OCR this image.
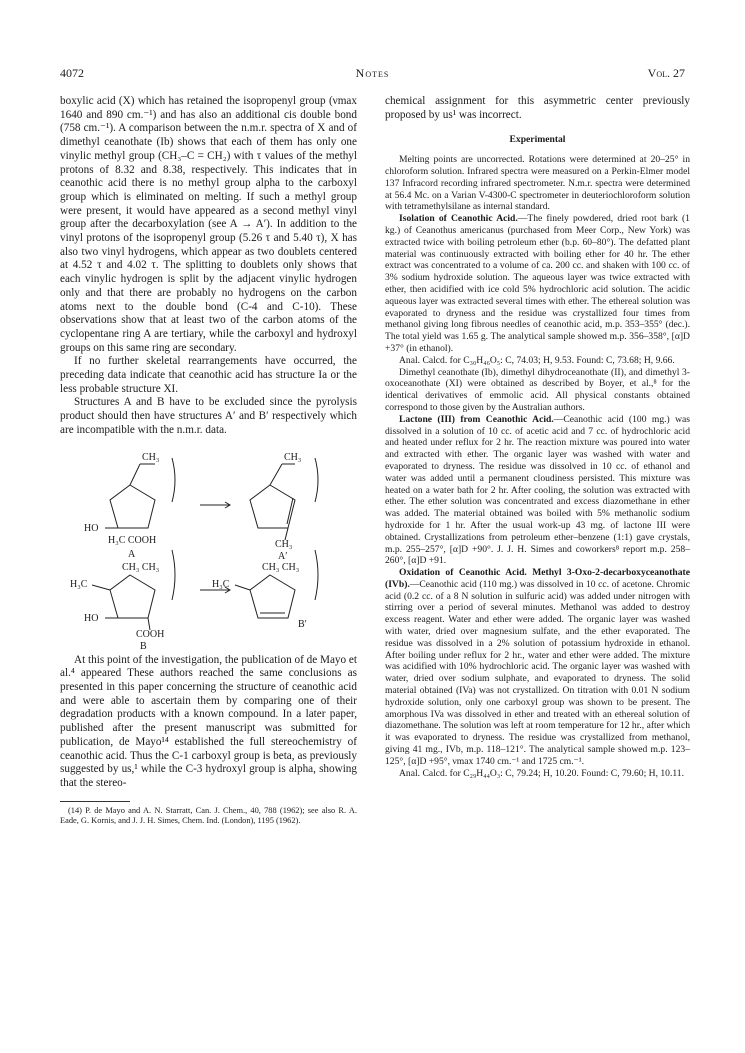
4072	Notes	Vol. 27

boxylic acid (X) which has retained the isopropenyl group (νmax 1640 and 890 cm.⁻¹) and has also an additional cis double bond (758 cm.⁻¹). A comparison between the n.m.r. spectra of X and of dimethyl ceanothate (Ib) shows that each of them has only one vinylic methyl group (CH₃–C = CH₂) with τ values of the methyl protons of 8.32 and 8.38, respectively. This indicates that in ceanothic acid there is no methyl group alpha to the carboxyl group which is eliminated on melting. If such a methyl group were present, it would have appeared as a second methyl vinyl group after the decarboxylation (see A → A′). In addition to the vinyl protons of the isopropenyl group (5.26 τ and 5.40 τ), X has also two vinyl hydrogens, which appear as two doublets centered at 4.52 τ and 4.02 τ. The splitting to doublets only shows that each vinylic hydrogen is split by the adjacent vinylic hydrogen only and that there are probably no hydrogens on the carbon atoms next to the double bond (C-4 and C-10). These observations show that at least two of the carbon atoms of the cyclopentane ring A are tertiary, while the carboxyl and hydroxyl groups on this same ring are secondary.

If no further skeletal rearrangements have occurred, the preceding data indicate that ceanothic acid has structure Ia or the less probable structure XI.

Structures A and B have to be excluded since the pyrolysis product should then have structures A′ and B′ respectively which are incompatible with the n.m.r. data.

CH₃
HO
H₃C COOH
A
CH₃
CH₃
A′
H₃C
CH₃ CH₃
HO
COOH
B
H₃C
CH₃ CH₃
B′

At this point of the investigation, the publication of de Mayo et al.⁴ appeared These authors reached the same conclusions as presented in this paper concerning the structure of ceanothic acid and were able to ascertain them by comparing one of their degradation products with a known compound. In a later paper, published after the present manuscript was submitted for publication, de Mayo¹⁴ established the full stereochemistry of ceanothic acid. Thus the C-1 carboxyl group is beta, as previously suggested by us,¹ while the C-3 hydroxyl group is alpha, showing that the stereo-

(14) P. de Mayo and A. N. Starratt, Can. J. Chem., 40, 788 (1962); see also R. A. Eade, G. Kornis, and J. J. H. Simes, Chem. Ind. (London), 1195 (1962).

chemical assignment for this asymmetric center previously proposed by us¹ was incorrect.

Experimental

Melting points are uncorrected. Rotations were determined at 20–25° in chloroform solution. Infrared spectra were measured on a Perkin-Elmer model 137 Infracord recording infrared spectrometer. N.m.r. spectra were determined at 56.4 Mc. on a Varian V-4300-C spectrometer in deuteriochloroform solution with tetramethylsilane as internal standard.

Isolation of Ceanothic Acid.—The finely powdered, dried root bark (1 kg.) of Ceanothus americanus (purchased from Meer Corp., New York) was extracted twice with boiling petroleum ether (b.p. 60–80°). The defatted plant material was continuously extracted with boiling ether for 40 hr. The ether extract was concentrated to a volume of ca. 200 cc. and shaken with 100 cc. of 3% sodium hydroxide solution. The aqueous layer was twice extracted with ether, then acidified with ice cold 5% hydrochloric acid solution. The acidic aqueous layer was extracted several times with ether. The ethereal solution was evaporated to dryness and the residue was crystallized four times from methanol giving long fibrous needles of ceanothic acid, m.p. 353–355° (dec.). The total yield was 1.65 g. The analytical sample showed m.p. 356–358°, [α]D +37° (in ethanol).

Anal. Calcd. for C₃₀H₄₆O₅: C, 74.03; H, 9.53. Found: C, 73.68; H, 9.66.

Dimethyl ceanothate (Ib), dimethyl dihydroceanothate (II), and dimethyl 3-oxoceanothate (XI) were obtained as described by Boyer, et al.,⁸ for the identical derivatives of emmolic acid. All physical constants obtained correspond to those given by the Australian authors.

Lactone (III) from Ceanothic Acid.—Ceanothic acid (100 mg.) was dissolved in a solution of 10 cc. of acetic acid and 7 cc. of hydrochloric acid and heated under reflux for 2 hr. The reaction mixture was poured into water and extracted with ether. The organic layer was washed with water and evaporated to dryness. The residue was dissolved in 10 cc. of ethanol and water was added until a permanent cloudiness persisted. This mixture was heated on a water bath for 2 hr. After cooling, the solution was extracted with ether. The ether solution was concentrated and excess diazomethane in ether was added. The material obtained was boiled with 5% methanolic sodium hydroxide for 1 hr. After the usual work-up 43 mg. of lactone III were obtained. Crystallizations from petroleum ether–benzene (1:1) gave crystals, m.p. 255–257°, [α]D +90°. J. J. H. Simes and coworkers⁸ report m.p. 258–260°, [α]D +91.

Oxidation of Ceanothic Acid. Methyl 3-Oxo-2-decarboxyceanothate (IVb).—Ceanothic acid (110 mg.) was dissolved in 10 cc. of acetone. Chromic acid (0.2 cc. of a 8 N solution in sulfuric acid) was added under nitrogen with stirring over a period of several minutes. Methanol was added to destroy excess reagent. Water and ether were added. The organic layer was washed with water, dried over magnesium sulfate, and the ether evaporated. The residue was dissolved in a 2% solution of potassium hydroxide in ethanol. After boiling under reflux for 2 hr., water and ether were added. The mixture was acidified with 10% hydrochloric acid. The organic layer was washed with water, dried over sodium sulphate, and evaporated to dryness. The solid material obtained (IVa) was not crystallized. On titration with 0.01 N sodium hydroxide solution, only one carboxyl group was shown to be present. The amorphous IVa was dissolved in ether and treated with an ethereal solution of diazomethane. The solution was left at room temperature for 12 hr., after which it was evaporated to dryness. The residue was crystallized from methanol, giving 41 mg., IVb, m.p. 118–121°. The analytical sample showed m.p. 123–125°, [α]D +95°, νmax 1740 cm.⁻¹ and 1725 cm.⁻¹.

Anal. Calcd. for C₂₉H₄₄O₃: C, 79.24; H, 10.20. Found: C, 79.60; H, 10.11.
